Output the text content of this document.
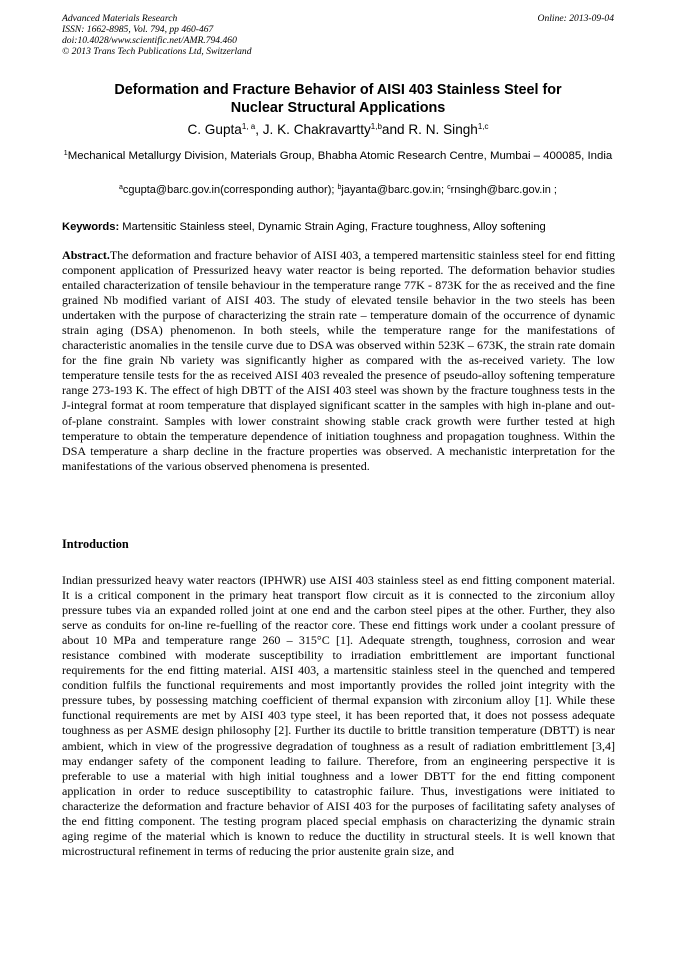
Advanced Materials Research
ISSN: 1662-8985, Vol. 794, pp 460-467
doi:10.4028/www.scientific.net/AMR.794.460
© 2013 Trans Tech Publications Ltd, Switzerland
Online: 2013-09-04
Deformation and Fracture Behavior of AISI 403 Stainless Steel for
Nuclear Structural Applications
C. Gupta$^{1, a}$, J. K. Chakravartty$^{1,b}$and R. N. Singh$^{1,c}$
$^1$Mechanical Metallurgy Division, Materials Group, Bhabha Atomic Research Centre, Mumbai – 400085, India
$^a$cgupta@barc.gov.in(corresponding author); $^b$jayanta@barc.gov.in; $^c$rnsingh@barc.gov.in ;
Keywords: Martensitic Stainless steel, Dynamic Strain Aging, Fracture toughness, Alloy softening

Abstract.The deformation and fracture behavior of AISI 403, a tempered martensitic stainless steel for end fitting component application of Pressurized heavy water reactor is being reported. The deformation behavior studies entailed characterization of tensile behaviour in the temperature range 77K - 873K for the as received and the fine grained Nb modified variant of AISI 403. The study of elevated tensile behavior in the two steels has been undertaken with the purpose of characterizing the strain rate – temperature domain of the occurrence of dynamic strain aging (DSA) phenomenon. In both steels, while the temperature range for the manifestations of characteristic anomalies in the tensile curve due to DSA was observed within 523K – 673K, the strain rate domain for the fine grain Nb variety was significantly higher as compared with the as-received variety. The low temperature tensile tests for the as received AISI 403 revealed the presence of pseudo-alloy softening temperature range 273-193 K. The effect of high DBTT of the AISI 403 steel was shown by the fracture toughness tests in the J-integral format at room temperature that displayed significant scatter in the samples with high in-plane and out-of-plane constraint. Samples with lower constraint showing stable crack growth were further tested at high temperature to obtain the temperature dependence of initiation toughness and propagation toughness. Within the DSA temperature a sharp decline in the fracture properties was observed. A mechanistic interpretation for the manifestations of the various observed phenomena is presented.

Introduction

Indian pressurized heavy water reactors (IPHWR) use AISI 403 stainless steel as end fitting component material. It is a critical component in the primary heat transport flow circuit as it is connected to the zirconium alloy pressure tubes via an expanded rolled joint at one end and the carbon steel pipes at the other. Further, they also serve as conduits for on-line re-fuelling of the reactor core. These end fittings work under a coolant pressure of about 10 MPa and temperature range 260 – 315°C [1]. Adequate strength, toughness, corrosion and wear resistance combined with moderate susceptibility to irradiation embrittlement are important functional requirements for the end fitting material. AISI 403, a martensitic stainless steel in the quenched and tempered condition fulfils the functional requirements and most importantly provides the rolled joint integrity with the pressure tubes, by possessing matching coefficient of thermal expansion with zirconium alloy [1]. While these functional requirements are met by AISI 403 type steel, it has been reported that, it does not possess adequate toughness as per ASME design philosophy [2]. Further its ductile to brittle transition temperature (DBTT) is near ambient, which in view of the progressive degradation of toughness as a result of radiation embrittlement [3,4] may endanger safety of the component leading to failure. Therefore, from an engineering perspective it is preferable to use a material with high initial toughness and a lower DBTT for the end fitting component application in order to reduce susceptibility to catastrophic failure. Thus, investigations were initiated to characterize the deformation and fracture behavior of AISI 403 for the purposes of facilitating safety analyses of the end fitting component. The testing program placed special emphasis on characterizing the dynamic strain aging regime of the material which is known to reduce the ductility in structural steels. It is well known that microstructural refinement in terms of reducing the prior austenite grain size, and
